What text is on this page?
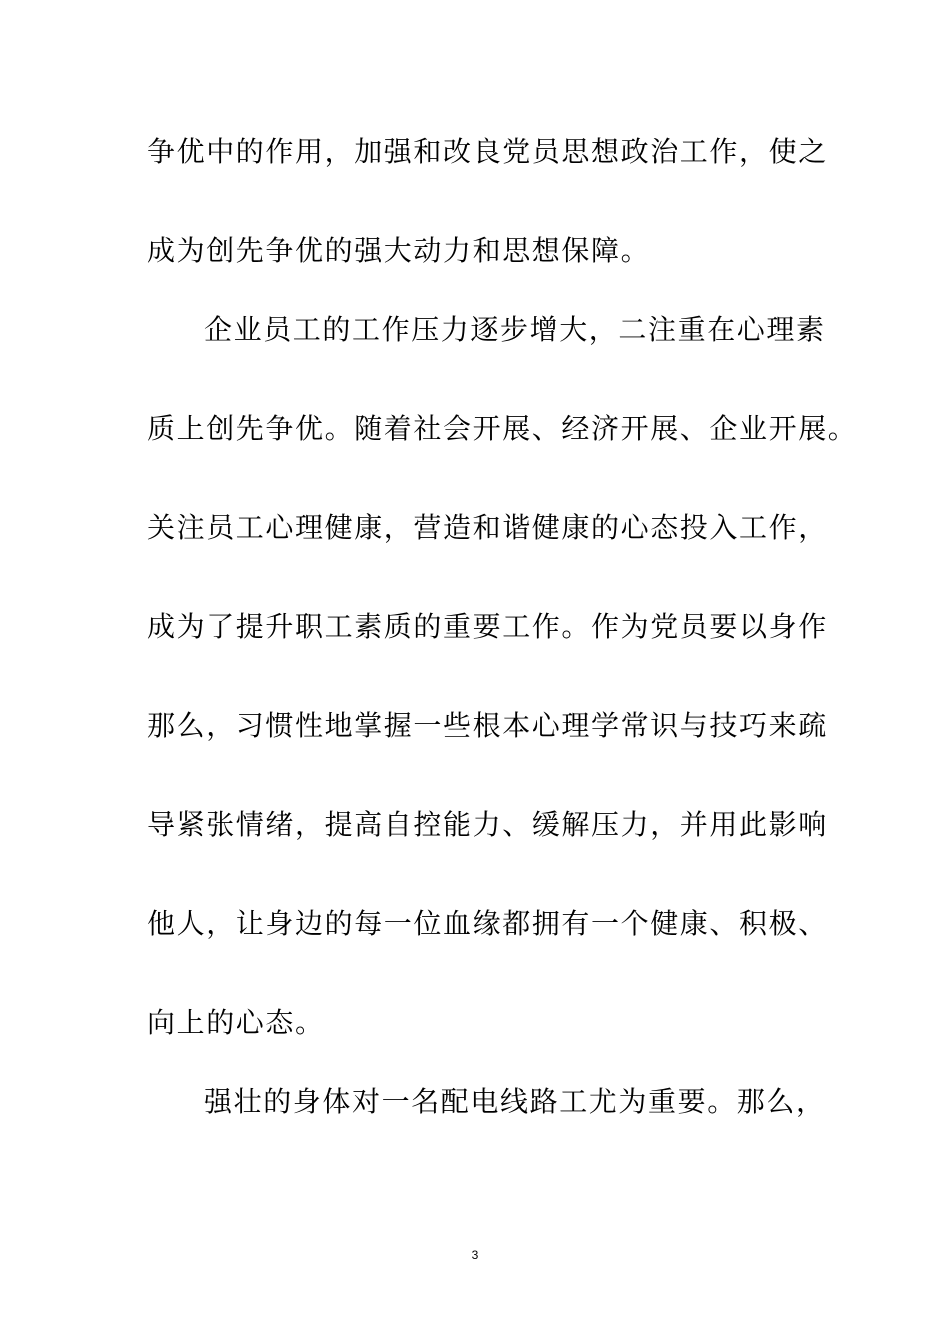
争优中的作用，加强和改良党员思想政治工作，使之
成为创先争优的强大动力和思想保障。
企业员工的工作压力逐步增大，二注重在心理素
质上创先争优。随着社会开展、经济开展、企业开展。
关注员工心理健康，营造和谐健康的心态投入工作，
成为了提升职工素质的重要工作。作为党员要以身作
那么，习惯性地掌握一些根本心理学常识与技巧来疏
导紧张情绪，提高自控能力、缓解压力，并用此影响
他人，让身边的每一位血缘都拥有一个健康、积极、
向上的心态。
强壮的身体对一名配电线路工尤为重要。那么，
3
